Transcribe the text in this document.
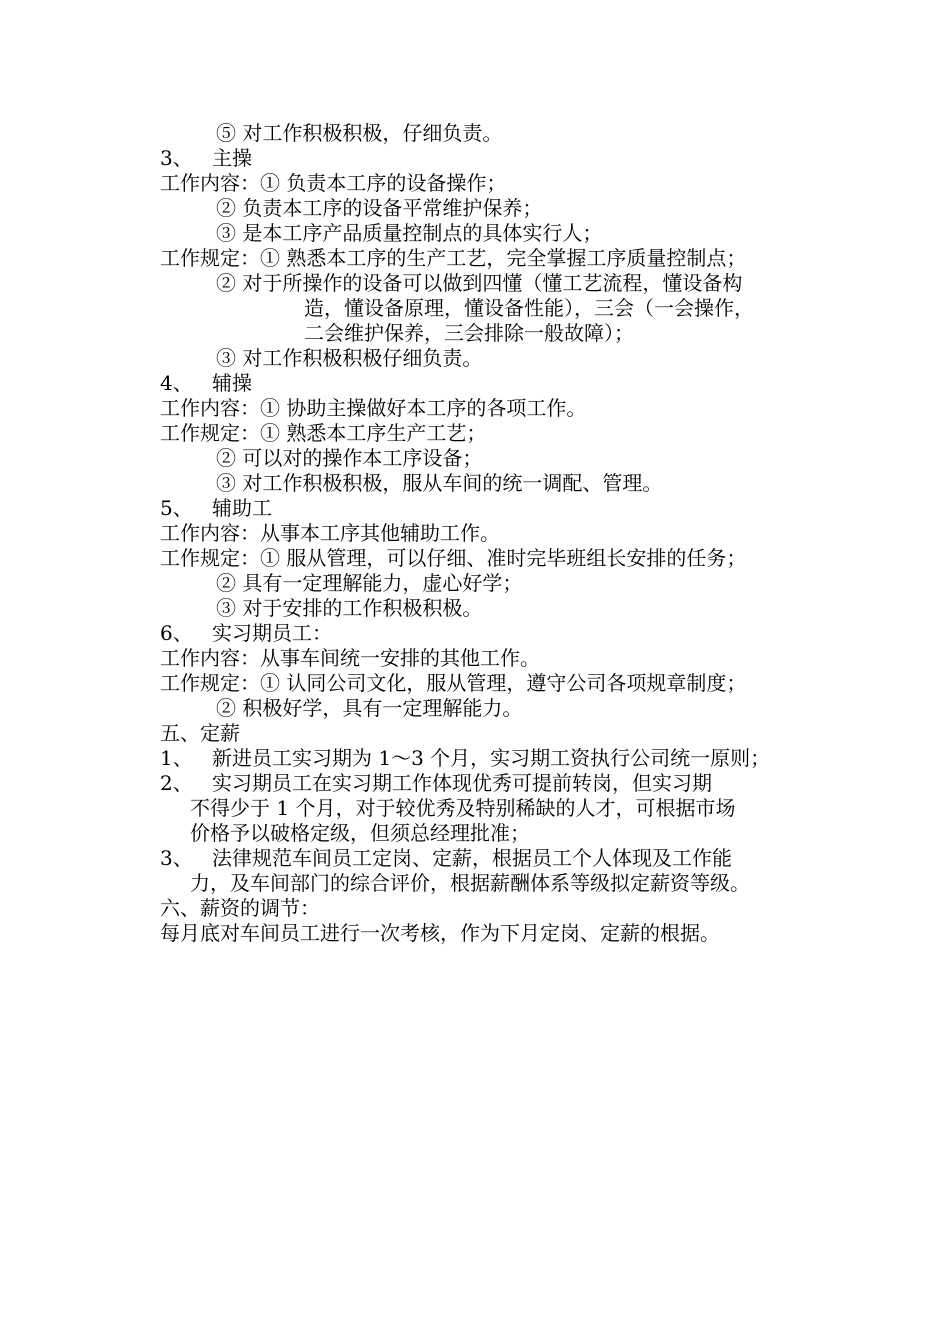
⑤ 对工作积极积极，仔细负责。
3、 主操
工作内容：① 负责本工序的设备操作；
② 负责本工序的设备平常维护保养；
③ 是本工序产品质量控制点的具体实行人；
工作规定：① 熟悉本工序的生产工艺，完全掌握工序质量控制点；
② 对于所操作的设备可以做到四懂（懂工艺流程，懂设备构
造，懂设备原理，懂设备性能），三会（一会操作，
二会维护保养，三会排除一般故障）；
③ 对工作积极积极仔细负责。
4、 辅操
工作内容：① 协助主操做好本工序的各项工作。
工作规定：① 熟悉本工序生产工艺；
② 可以对的操作本工序设备；
③ 对工作积极积极，服从车间的统一调配、管理。
5、 辅助工
工作内容：从事本工序其他辅助工作。
工作规定：① 服从管理，可以仔细、准时完毕班组长安排的任务；
② 具有一定理解能力，虚心好学；
③ 对于安排的工作积极积极。
6、 实习期员工：
工作内容：从事车间统一安排的其他工作。
工作规定：① 认同公司文化，服从管理，遵守公司各项规章制度；
② 积极好学，具有一定理解能力。
五、定薪
1、 新进员工实习期为 1～3 个月，实习期工资执行公司统一原则；
2、 实习期员工在实习期工作体现优秀可提前转岗，但实习期
不得少于 1 个月，对于较优秀及特别稀缺的人才，可根据市场
价格予以破格定级，但须总经理批准；
3、 法律规范车间员工定岗、定薪，根据员工个人体现及工作能
力，及车间部门的综合评价，根据薪酬体系等级拟定薪资等级。
六、薪资的调节：
每月底对车间员工进行一次考核，作为下月定岗、定薪的根据。
